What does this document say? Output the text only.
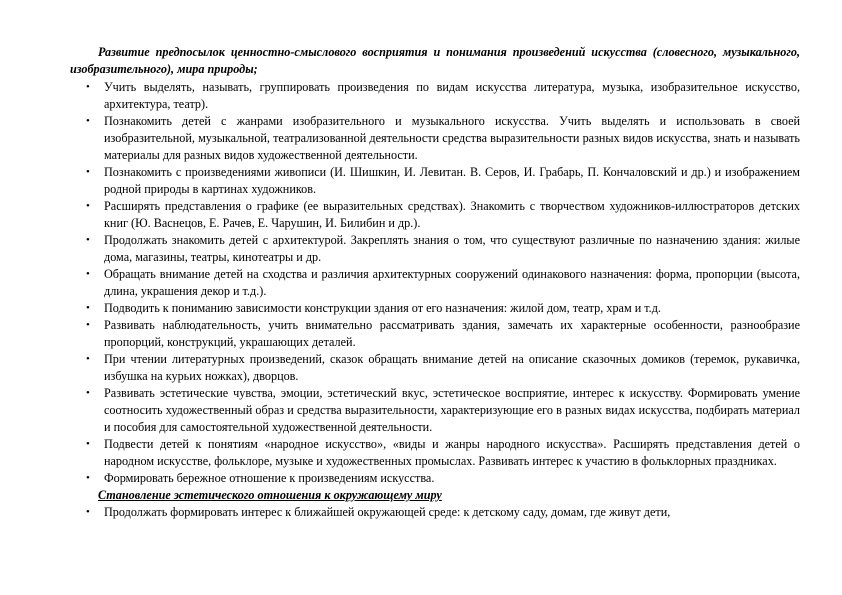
Развитие предпосылок ценностно-смыслового восприятия и понимания произведений искусства (словесного, музыкального, изобразительного), мира природы;

• Учить выделять, называть, группировать произведения по видам искусства литература, музыка, изобразительное искусство, архитектура, театр).
• Познакомить детей с жанрами изобразительного и музыкального искусства. Учить выделять и использовать в своей изобразительной, музыкальной, театрализованной деятельности средства выразительности разных видов искусства, знать и называть материалы для разных видов художественной деятельности.
• Познакомить с произведениями живописи (И. Шишкин, И. Левитан. В. Серов, И. Грабарь, П. Кончаловский и др.) и изображением родной природы в картинах художников.
• Расширять представления о графике (ее выразительных средствах). Знакомить с творчеством художников-иллюстраторов детских книг (Ю. Васнецов, Е. Рачев, Е. Чарушин, И. Билибин и др.).
• Продолжать знакомить детей с архитектурой. Закреплять знания о том, что существуют различные по назначению здания: жилые дома, магазины, театры, кинотеатры и др.
• Обращать внимание детей на сходства и различия архитектурных сооружений одинакового назначения: форма, пропорции (высота, длина, украшения декор и т.д.).
• Подводить к пониманию зависимости конструкции здания от его назначения: жилой дом, театр, храм и т.д.
• Развивать наблюдательность, учить внимательно рассматривать здания, замечать их характерные особенности, разнообразие пропорций, конструкций, украшающих деталей.
• При чтении литературных произведений, сказок обращать внимание детей на описание сказочных домиков (теремок, рукавичка, избушка на курьих ножках), дворцов.
• Развивать эстетические чувства, эмоции, эстетический вкус, эстетическое восприятие, интерес к искусству. Формировать умение соотносить художественный образ и средства выразительности, характеризующие его в разных видах искусства, подбирать материал и пособия для самостоятельной художественной деятельности.
• Подвести детей к понятиям «народное искусство», «виды и жанры народного искусства». Расширять представления детей о народном искусстве, фольклоре, музыке и художественных промыслах. Развивать интерес к участию в фольклорных праздниках.
• Формировать бережное отношение к произведениям искусства.

Становление эстетического отношения к окружающему миру

• Продолжать формировать интерес к ближайшей окружающей среде: к детскому саду, домам, где живут дети,
